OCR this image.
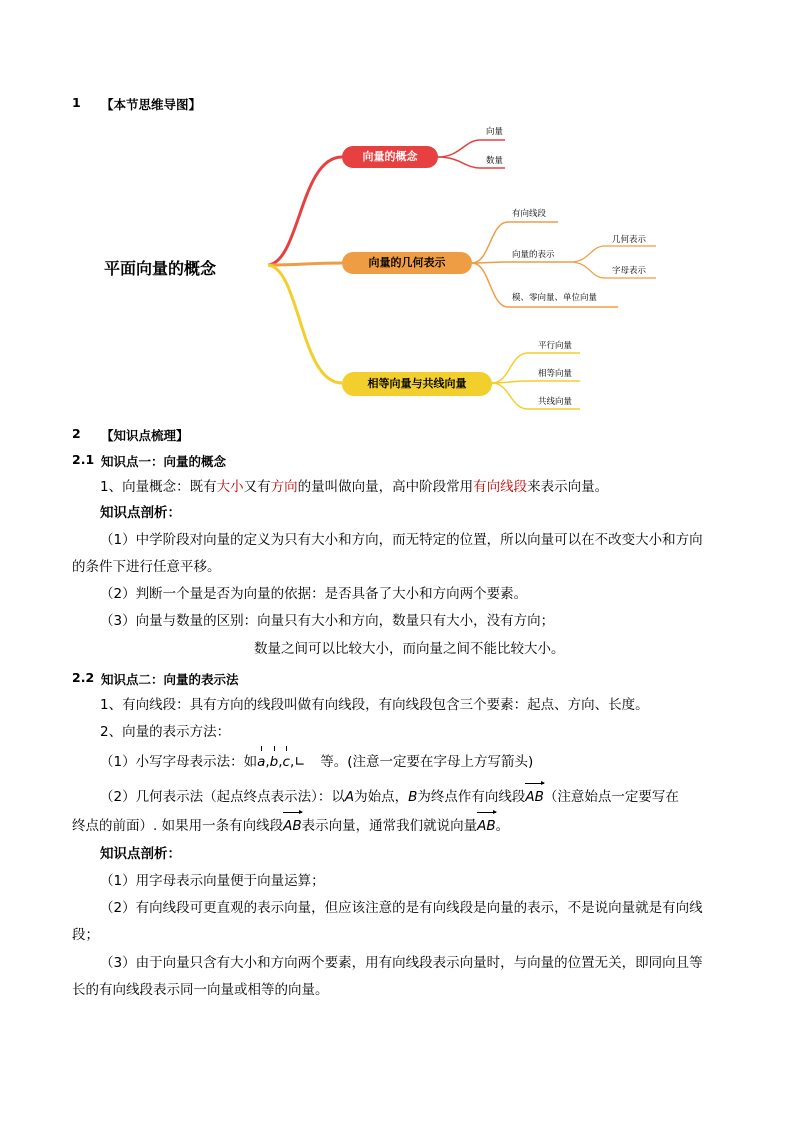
1 【本节思维导图】
平面向量的概念
向量的概念
向量
数量
向量的几何表示
有向线段
向量的表示
几何表示
字母表示
模、零向量、单位向量
相等向量与共线向量
平行向量
相等向量
共线向量
2 【知识点梳理】
2.1 知识点一：向量的概念
1、向量概念：既有大小又有方向的量叫做向量，高中阶段常用有向线段来表示向量。
知识点剖析：
（1）中学阶段对向量的定义为只有大小和方向，而无特定的位置，所以向量可以在不改变大小和方向
的条件下进行任意平移。
（2）判断一个量是否为向量的依据：是否具备了大小和方向两个要素。
（3）向量与数量的区别：向量只有大小和方向，数量只有大小，没有方向；
数量之间可以比较大小，而向量之间不能比较大小。
2.2 知识点二：向量的表示法
1、有向线段：具有方向的线段叫做有向线段，有向线段包含三个要素：起点、方向、长度。
2、向量的表示方法：
（1）小写字母表示法：如a,b,c,∟ 等。(注意一定要在字母上方写箭头)
（2）几何表示法（起点终点表示法）：以A为始点，B为终点作有向线段
AB（注意始点一定要写在
终点的前面）. 如果用一条有向线段
AB表示向量，通常我们就说向量
AB。
知识点剖析：
（1）用字母表示向量便于向量运算；
（2）有向线段可更直观的表示向量，但应该注意的是有向线段是向量的表示，不是说向量就是有向线
段；
（3）由于向量只含有大小和方向两个要素，用有向线段表示向量时，与向量的位置无关，即同向且等
长的有向线段表示同一向量或相等的向量。
